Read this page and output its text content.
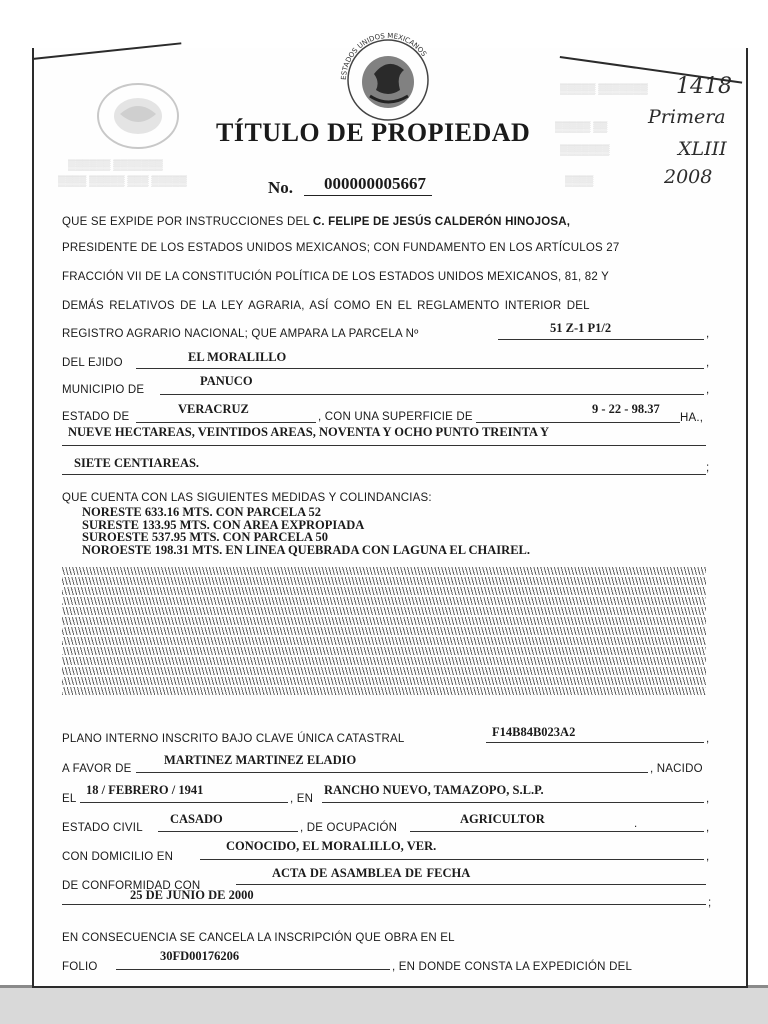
ESTADOS UNIDOS MEXICANOS
▒▒▒▒▒▒ ▒▒▒▒▒▒▒
▒▒▒▒ ▒▒▒▒▒ ▒▒▒ ▒▒▒▒▒
▒▒▒▒▒ ▒▒▒▒▒▒▒
▒▒▒▒▒ ▒▒
▒▒▒▒▒▒▒
▒▒▒▒
1418
Primera
XLIII
2008
TÍTULO DE PROPIEDAD
No.	000000005667
QUE SE EXPIDE POR INSTRUCCIONES DEL C. FELIPE DE JESÚS CALDERÓN HINOJOSA,
PRESIDENTE DE LOS ESTADOS UNIDOS MEXICANOS; CON FUNDAMENTO EN LOS ARTÍCULOS 27
FRACCIÓN VII DE LA CONSTITUCIÓN POLÍTICA DE LOS ESTADOS UNIDOS MEXICANOS, 81, 82 Y
DEMÁS RELATIVOS DE LA LEY AGRARIA, ASÍ COMO EN EL REGLAMENTO INTERIOR DEL
REGISTRO AGRARIO NACIONAL; QUE AMPARA LA PARCELA Nº	51 Z-1 P1/2	,
DEL EJIDO	EL MORALILLO	,
MUNICIPIO DE
PANUCO
,
ESTADO DE
VERACRUZ
, CON UNA SUPERFICIE DE
9 - 22 - 98.37
HA.,
NUEVE HECTAREAS, VEINTIDOS AREAS, NOVENTA Y OCHO PUNTO TREINTA Y
SIETE CENTIAREAS.	;
QUE CUENTA CON LAS SIGUIENTES MEDIDAS Y COLINDANCIAS:
NORESTE 633.16 MTS. CON PARCELA 52
SURESTE 133.95 MTS. CON AREA EXPROPIADA
SUROESTE 537.95 MTS. CON PARCELA 50
NOROESTE 198.31 MTS. EN LINEA QUEBRADA CON LAGUNA EL CHAIREL.
PLANO INTERNO INSCRITO BAJO CLAVE ÚNICA CATASTRAL	F14B84B023A2	,
A FAVOR DE
MARTINEZ MARTINEZ ELADIO
, NACIDO
EL
18 / FEBRERO / 1941
, EN
RANCHO NUEVO, TAMAZOPO, S.L.P.
,
ESTADO CIVIL
CASADO
, DE OCUPACIÓN
AGRICULTOR	.	,
CON DOMICILIO EN
CONOCIDO, EL MORALILLO, VER.
,
DE CONFORMIDAD CON
ACTA DE ASAMBLEA DE FECHA
25 DE JUNIO DE 2000
;
EN CONSECUENCIA SE CANCELA LA INSCRIPCIÓN QUE OBRA EN EL
FOLIO
30FD00176206
, EN DONDE CONSTA LA EXPEDICIÓN DEL
